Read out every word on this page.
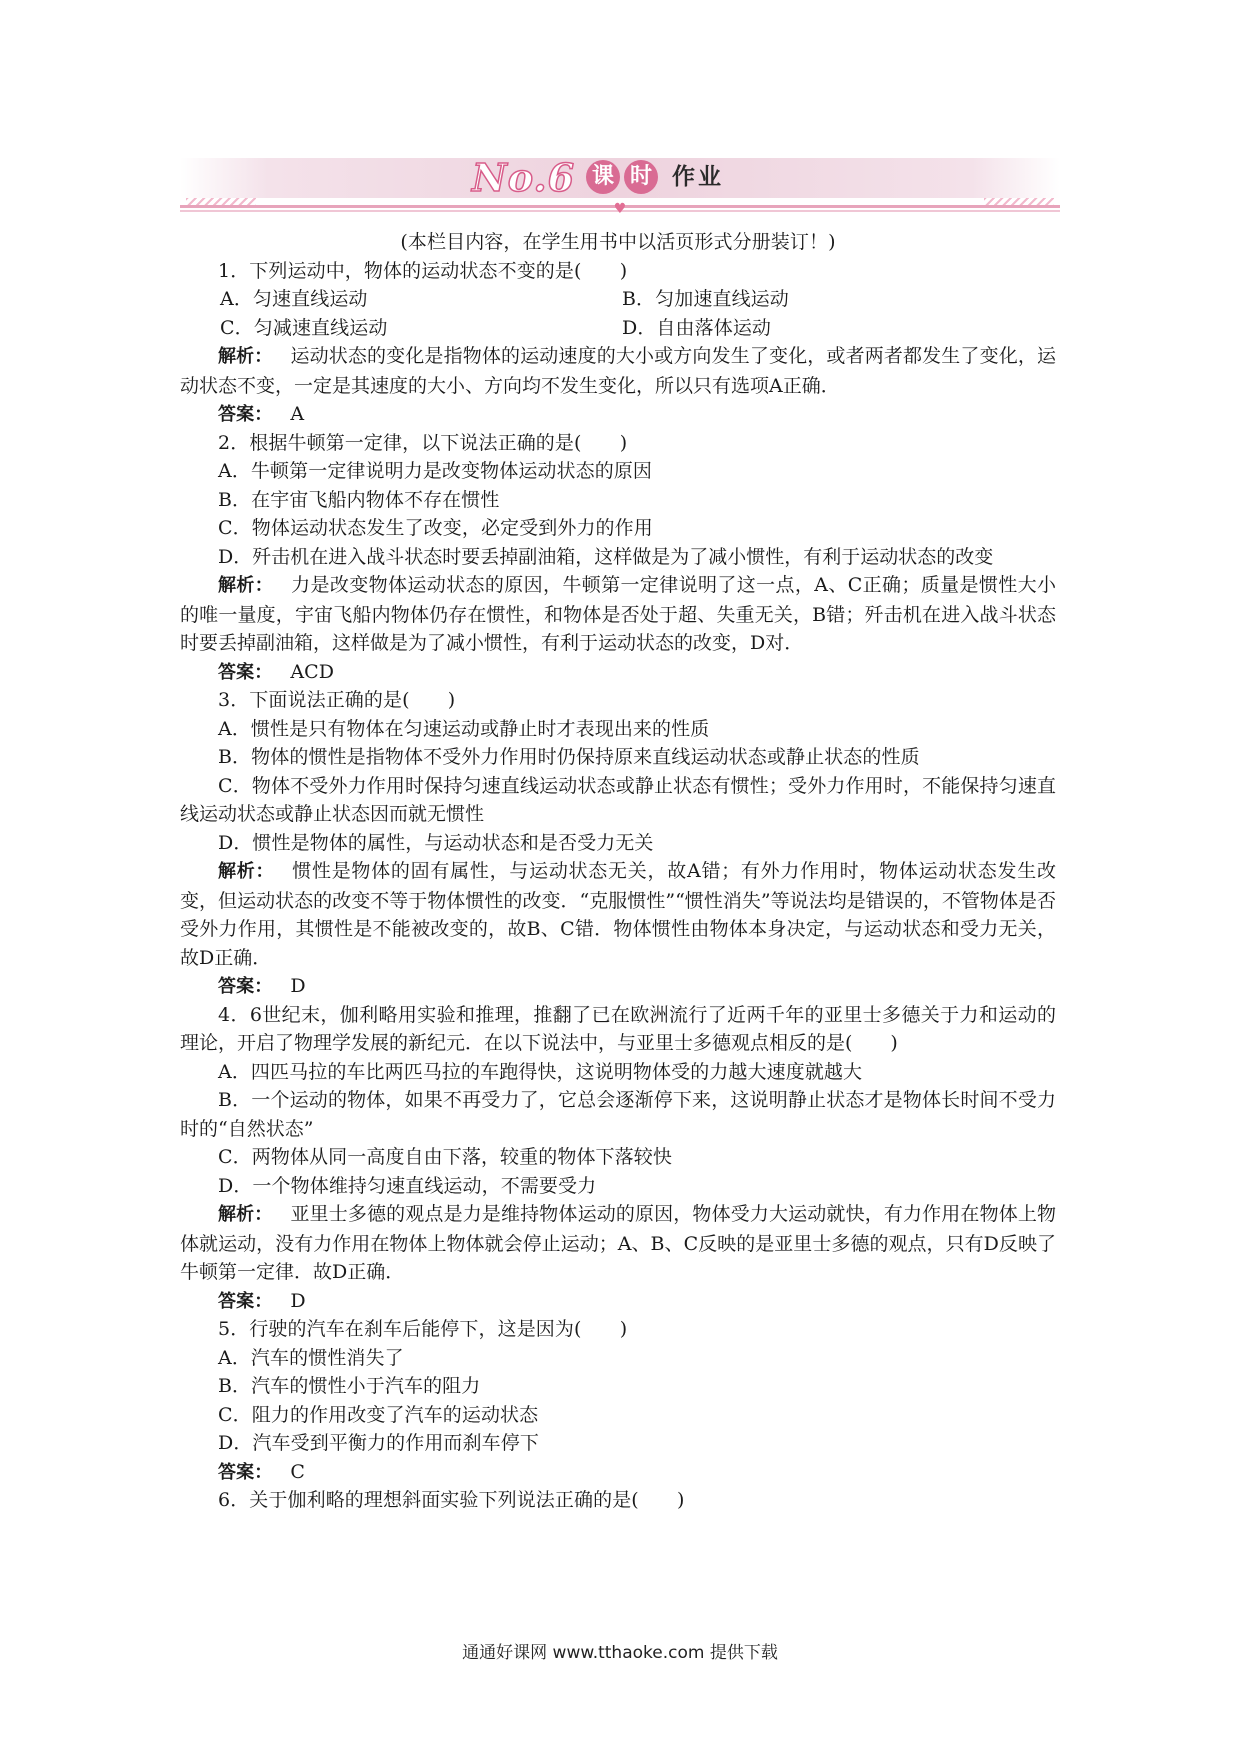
♥
No.6 课 时 作业
(本栏目内容，在学生用书中以活页形式分册装订！)
1．下列运动中，物体的运动状态不变的是(　　)
A．匀速直线运动	B．匀加速直线运动
C．匀减速直线运动	D．自由落体运动
解析： 运动状态的变化是指物体的运动速度的大小或方向发生了变化，或者两者都发生了变化，运动状态不变，一定是其速度的大小、方向均不发生变化，所以只有选项A正确．
答案： A
2．根据牛顿第一定律，以下说法正确的是(　　)
A．牛顿第一定律说明力是改变物体运动状态的原因
B．在宇宙飞船内物体不存在惯性
C．物体运动状态发生了改变，必定受到外力的作用
D．歼击机在进入战斗状态时要丢掉副油箱，这样做是为了减小惯性，有利于运动状态的改变
解析： 力是改变物体运动状态的原因，牛顿第一定律说明了这一点，A、C正确；质量是惯性大小的唯一量度，宇宙飞船内物体仍存在惯性，和物体是否处于超、失重无关，B错；歼击机在进入战斗状态时要丢掉副油箱，这样做是为了减小惯性，有利于运动状态的改变，D对．
答案： ACD
3．下面说法正确的是(　　)
A．惯性是只有物体在匀速运动或静止时才表现出来的性质
B．物体的惯性是指物体不受外力作用时仍保持原来直线运动状态或静止状态的性质
C．物体不受外力作用时保持匀速直线运动状态或静止状态有惯性；受外力作用时，不能保持匀速直线运动状态或静止状态因而就无惯性
D．惯性是物体的属性，与运动状态和是否受力无关
解析： 惯性是物体的固有属性，与运动状态无关，故A错；有外力作用时，物体运动状态发生改变，但运动状态的改变不等于物体惯性的改变．“克服惯性”“惯性消失”等说法均是错误的，不管物体是否受外力作用，其惯性是不能被改变的，故B、C错．物体惯性由物体本身决定，与运动状态和受力无关，故D正确．
答案： D
4．6世纪末，伽利略用实验和推理，推翻了已在欧洲流行了近两千年的亚里士多德关于力和运动的理论，开启了物理学发展的新纪元．在以下说法中，与亚里士多德观点相反的是(　　)
A．四匹马拉的车比两匹马拉的车跑得快，这说明物体受的力越大速度就越大
B．一个运动的物体，如果不再受力了，它总会逐渐停下来，这说明静止状态才是物体长时间不受力时的“自然状态”
C．两物体从同一高度自由下落，较重的物体下落较快
D．一个物体维持匀速直线运动，不需要受力
解析： 亚里士多德的观点是力是维持物体运动的原因，物体受力大运动就快，有力作用在物体上物体就运动，没有力作用在物体上物体就会停止运动；A、B、C反映的是亚里士多德的观点，只有D反映了牛顿第一定律．故D正确．
答案： D
5．行驶的汽车在刹车后能停下，这是因为(　　)
A．汽车的惯性消失了
B．汽车的惯性小于汽车的阻力
C．阻力的作用改变了汽车的运动状态
D．汽车受到平衡力的作用而刹车停下
答案： C
6．关于伽利略的理想斜面实验下列说法正确的是(　　)
通通好课网 www.tthaoke.com 提供下载
